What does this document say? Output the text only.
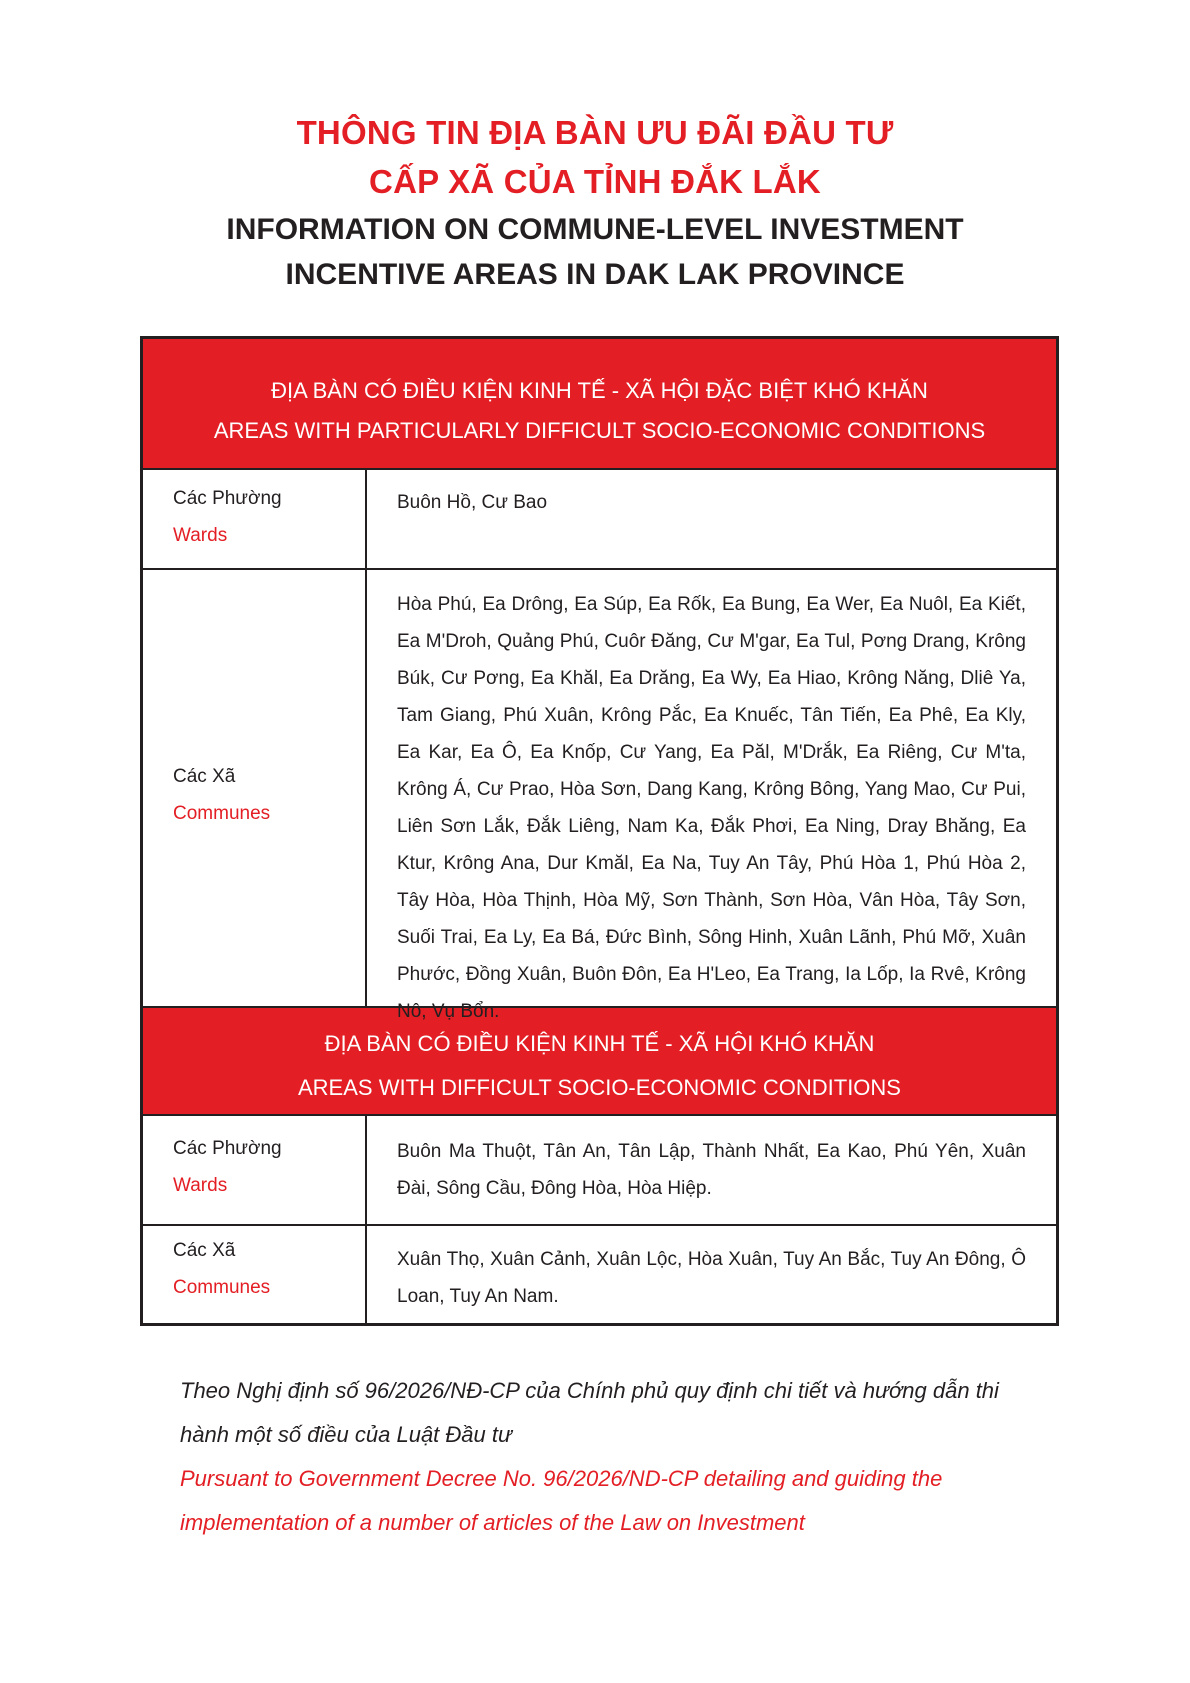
THÔNG TIN ĐỊA BÀN ƯU ĐÃI ĐẦU TƯ
CẤP XÃ CỦA TỈNH ĐẮK LẮK
INFORMATION ON COMMUNE-LEVEL INVESTMENT
INCENTIVE AREAS IN DAK LAK PROVINCE
ĐỊA BÀN CÓ ĐIỀU KIỆN KINH TẾ - XÃ HỘI ĐẶC BIỆT KHÓ KHĂN
AREAS WITH PARTICULARLY DIFFICULT SOCIO-ECONOMIC CONDITIONS
Các Phường
Wards
Buôn Hồ, Cư Bao
Các Xã
Communes
Hòa Phú, Ea Drông, Ea Súp, Ea Rốk, Ea Bung, Ea Wer, Ea Nuôl, Ea Kiết, Ea M'Droh, Quảng Phú, Cuôr Đăng, Cư M'gar, Ea Tul, Pơng Drang, Krông Búk, Cư Pơng, Ea Khăl, Ea Drăng, Ea Wy, Ea Hiao, Krông Năng, Dliê Ya, Tam Giang, Phú Xuân, Krông Pắc, Ea Knuếc, Tân Tiến, Ea Phê, Ea Kly, Ea Kar, Ea Ô, Ea Knốp, Cư Yang, Ea Păl, M'Drắk, Ea Riêng, Cư M'ta, Krông Á, Cư Prao, Hòa Sơn, Dang Kang, Krông Bông, Yang Mao, Cư Pui, Liên Sơn Lắk, Đắk Liêng, Nam Ka, Đắk Phơi, Ea Ning, Dray Bhăng, Ea Ktur, Krông Ana, Dur Kmăl, Ea Na, Tuy An Tây, Phú Hòa 1, Phú Hòa 2, Tây Hòa, Hòa Thịnh, Hòa Mỹ, Sơn Thành, Sơn Hòa, Vân Hòa, Tây Sơn, Suối Trai, Ea Ly, Ea Bá, Đức Bình, Sông Hinh, Xuân Lãnh, Phú Mỡ, Xuân Phước, Đồng Xuân, Buôn Đôn, Ea H'Leo, Ea Trang, Ia Lốp, Ia Rvê, Krông Nô, Vụ Bổn.
ĐỊA BÀN CÓ ĐIỀU KIỆN KINH TẾ - XÃ HỘI KHÓ KHĂN
AREAS WITH DIFFICULT SOCIO-ECONOMIC CONDITIONS
Các Phường
Wards
Buôn Ma Thuột, Tân An, Tân Lập, Thành Nhất, Ea Kao, Phú Yên, Xuân Đài, Sông Cầu, Đông Hòa, Hòa Hiệp.
Các Xã
Communes
Xuân Thọ, Xuân Cảnh, Xuân Lộc, Hòa Xuân, Tuy An Bắc, Tuy An Đông, Ô Loan, Tuy An Nam.
Theo Nghị định số 96/2026/NĐ-CP của Chính phủ quy định chi tiết và hướng dẫn thi hành một số điều của Luật Đầu tư
Pursuant to Government Decree No. 96/2026/ND-CP detailing and guiding the implementation of a number of articles of the Law on Investment
